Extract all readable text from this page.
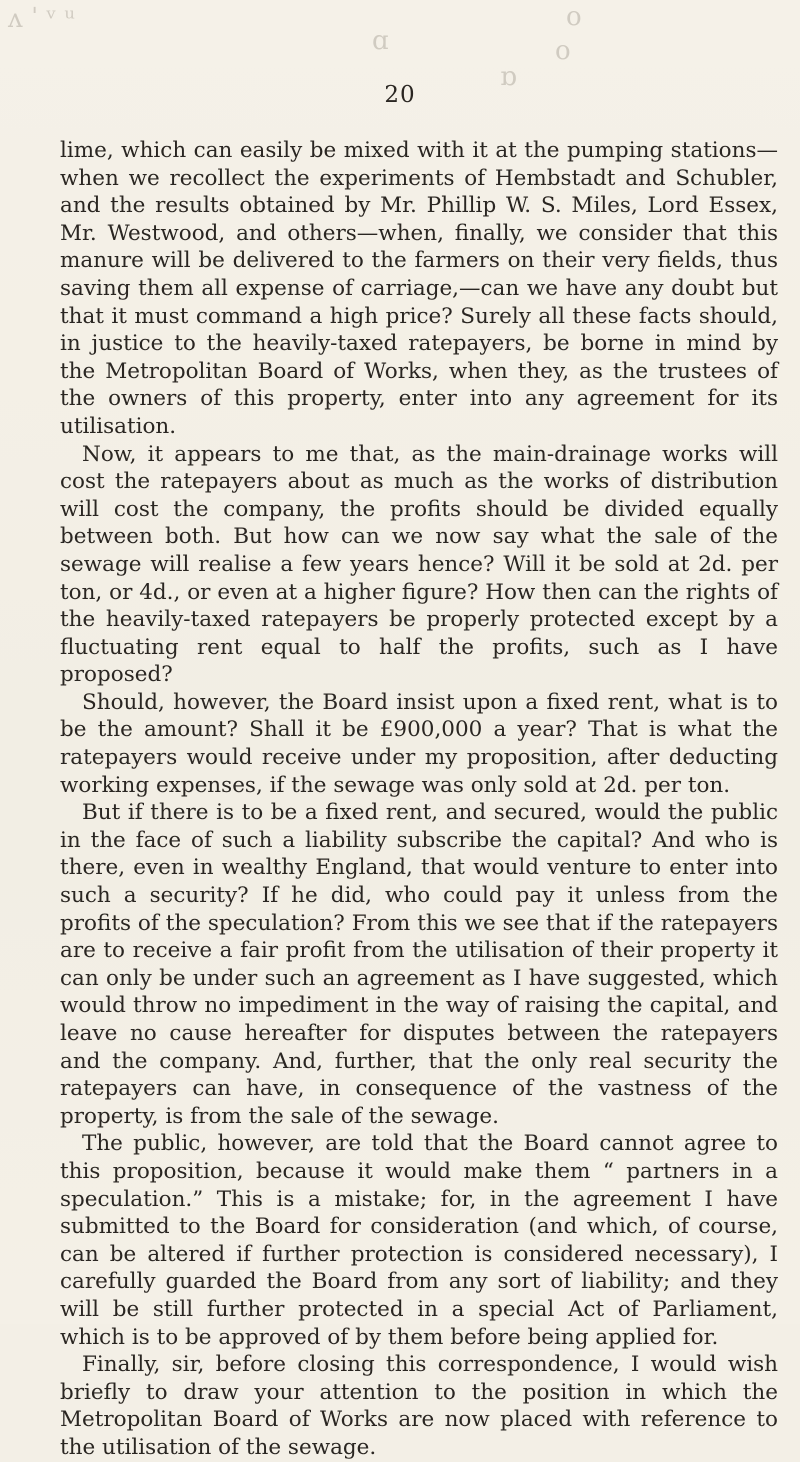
ʌ ˈ ᵛ ᵘ
ɑ
o
o
ɒ
20

lime, which can easily be mixed with it at the pumping stations—when we recollect the experiments of Hembstadt and Schubler, and the results obtained by Mr. Phillip W. S. Miles, Lord Essex, Mr. Westwood, and others—when, finally, we consider that this manure will be delivered to the farmers on their very fields, thus saving them all expense of carriage,—can we have any doubt but that it must command a high price? Surely all these facts should, in justice to the heavily-taxed ratepayers, be borne in mind by the Metropolitan Board of Works, when they, as the trustees of the owners of this property, enter into any agreement for its utilisation.

Now, it appears to me that, as the main-drainage works will cost the ratepayers about as much as the works of distribution will cost the company, the profits should be divided equally between both. But how can we now say what the sale of the sewage will realise a few years hence? Will it be sold at 2d. per ton, or 4d., or even at a higher figure? How then can the rights of the heavily-taxed ratepayers be properly protected except by a fluctuating rent equal to half the profits, such as I have proposed?

Should, however, the Board insist upon a fixed rent, what is to be the amount? Shall it be £900,000 a year? That is what the ratepayers would receive under my proposition, after deducting working expenses, if the sewage was only sold at 2d. per ton.

But if there is to be a fixed rent, and secured, would the public in the face of such a liability subscribe the capital? And who is there, even in wealthy England, that would venture to enter into such a security? If he did, who could pay it unless from the profits of the speculation? From this we see that if the ratepayers are to receive a fair profit from the utilisation of their property it can only be under such an agreement as I have suggested, which would throw no impediment in the way of raising the capital, and leave no cause hereafter for disputes between the ratepayers and the company. And, further, that the only real security the ratepayers can have, in consequence of the vastness of the property, is from the sale of the sewage.

The public, however, are told that the Board cannot agree to this proposition, because it would make them “ partners in a speculation.” This is a mistake; for, in the agreement I have submitted to the Board for consideration (and which, of course, can be altered if further protection is considered necessary), I carefully guarded the Board from any sort of liability; and they will be still further protected in a special Act of Parliament, which is to be approved of by them before being applied for.

Finally, sir, before closing this correspondence, I would wish briefly to draw your attention to the position in which the Metropolitan Board of Works are now placed with reference to the utilisation of the sewage.
